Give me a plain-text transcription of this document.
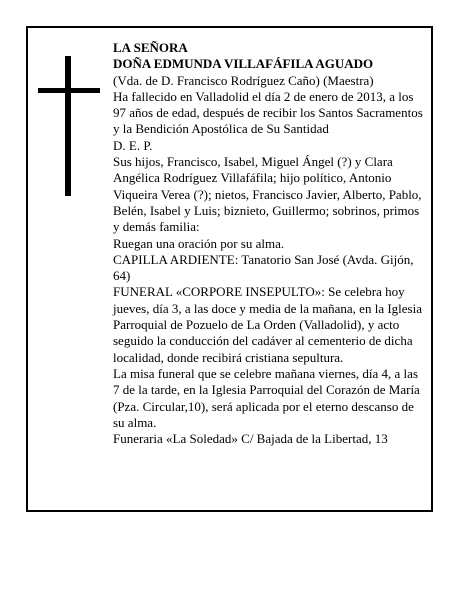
LA SEÑORA

DOÑA EDMUNDA VILLAFÁFILA AGUADO

(Vda. de D. Francisco Rodríguez Caño) (Maestra)

Ha fallecido en Valladolid el día 2 de enero de 2013, a los 97 años de edad, después de recibir los Santos Sacramentos y la Bendición Apostólica de Su Santidad

D. E. P.

Sus hijos, Francisco, Isabel, Miguel Ángel (?) y Clara Angélica Rodríguez Villafáfila; hijo político, Antonio Viqueira Verea (?); nietos, Francisco Javier, Alberto, Pablo, Belén, Isabel y Luis; biznieto, Guillermo; sobrinos, primos y demás familia:

Ruegan una oración por su alma.

CAPILLA ARDIENTE: Tanatorio San José (Avda. Gijón, 64)

FUNERAL «CORPORE INSEPULTO»: Se celebra hoy jueves, día 3, a las doce y media de la mañana, en la Iglesia Parroquial de Pozuelo de La Orden (Valladolid), y acto seguido la conducción del cadáver al cementerio de dicha localidad, donde recibirá cristiana sepultura.

La misa funeral que se celebre mañana viernes, día 4, a las 7 de la tarde, en la Iglesia Parroquial del Corazón de María (Pza. Circular,10), será aplicada por el eterno descanso de su alma.

Funeraria «La Soledad» C/ Bajada de la Libertad, 13
